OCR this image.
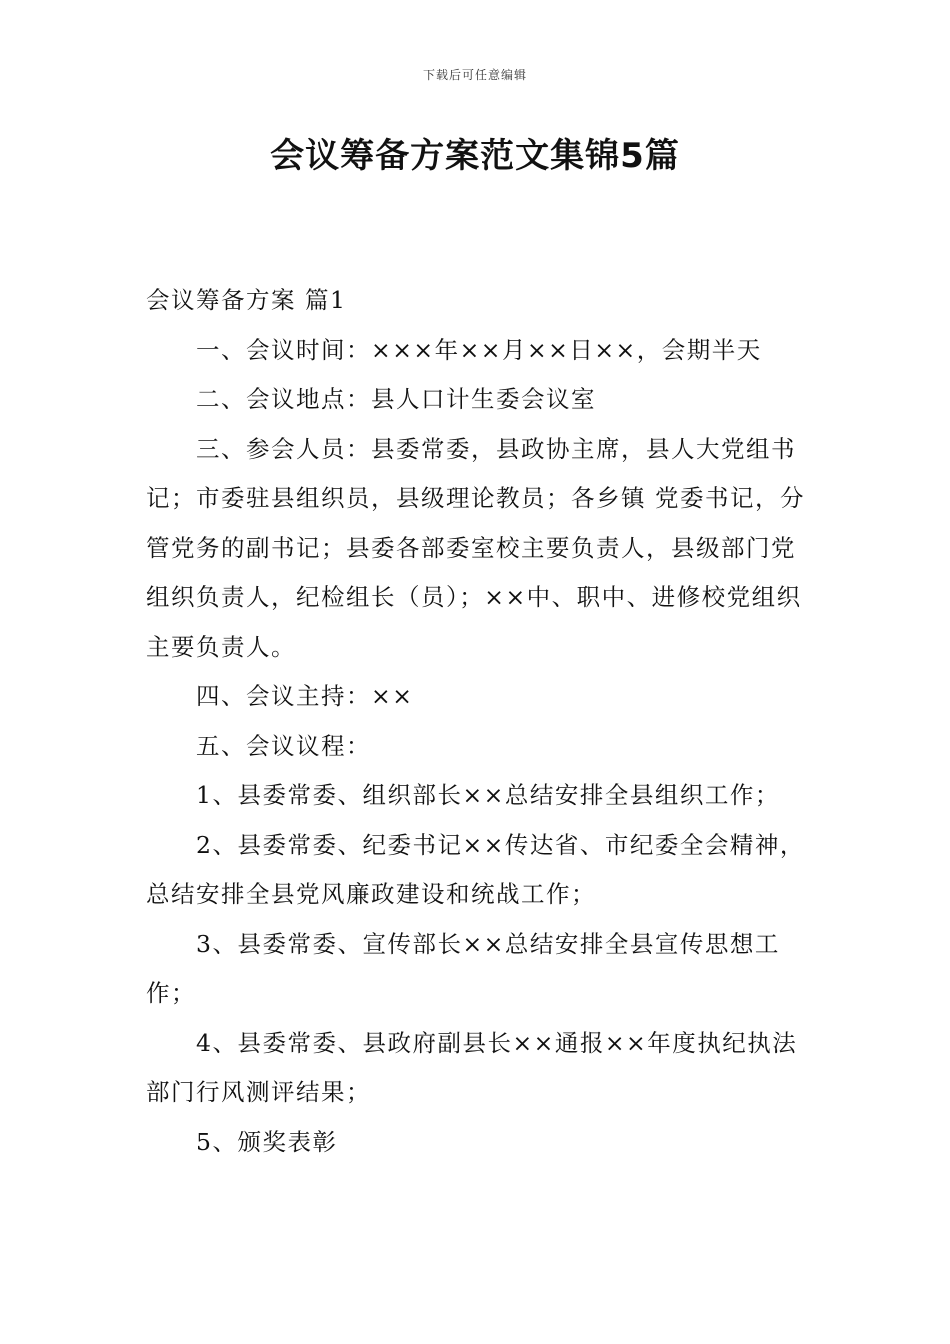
下载后可任意编辑
会议筹备方案范文集锦5篇

会议筹备方案 篇1

一、会议时间：×××年××月××日××，会期半天

二、会议地点：县人口计生委会议室

三、参会人员：县委常委，县政协主席，县人大党组书记；市委驻县组织员，县级理论教员；各乡镇 党委书记，分管党务的副书记；县委各部委室校主要负责人，县级部门党组织负责人，纪检组长（员）；××中、职中、进修校党组织主要负责人。

四、会议主持：××

五、会议议程：

1、县委常委、组织部长××总结安排全县组织工作；

2、县委常委、纪委书记××传达省、市纪委全会精神，总结安排全县党风廉政建设和统战工作；

3、县委常委、宣传部长××总结安排全县宣传思想工作；

4、县委常委、县政府副县长××通报××年度执纪执法部门行风测评结果；

5、颁奖表彰
